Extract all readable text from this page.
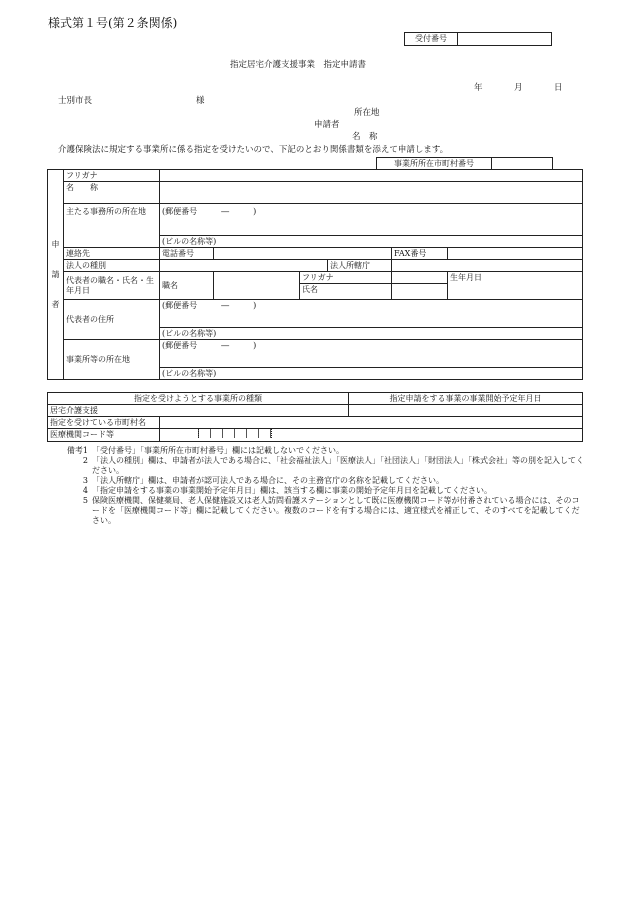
様式第１号(第２条関係)
受付番号	
指定居宅介護支援事業　指定申請書
年	月	日
士別市長	様
所在地
申請者
名　称
介護保険法に規定する事業所に係る指定を受けたいので、下記のとおり関係書類を添えて申請します。
事業所所在市町村番号	
申
請
者	フリガナ						
	名　　称						
	主たる事務所の所在地	(郵便番号　　　―　　　)					
		(ビルの名称等)					
	連絡先	電話番号				FAX番号	
	法人の種別				法人所轄庁		
	代表者の職名・氏名・生年月日	職名		フリガナ			生年月日
				氏名			
	代表者の住所	(郵便番号　　　―　　　)					
		(ビルの名称等)					
	事業所等の所在地	(郵便番号　　　―　　　)					
		(ビルの名称等)					
指定を受けようとする事業所の種類		指定申請をする事業の事業開始予定年月日
居宅介護支援		
指定を受けている市町村名		
医療機関コード等		
備考1 「受付番号」「事業所所在市町村番号」欄には記載しないでください。
2 「法人の種別」欄は、申請者が法人である場合に、「社会福祉法人」「医療法人」「社団法人」「財団法人」「株式会社」等の別を記入してください。
3 「法人所轄庁」欄は、申請者が認可法人である場合に、その主務官庁の名称を記載してください。
4 「指定申請をする事業の事業開始予定年月日」欄は、該当する欄に事業の開始予定年月日を記載してください。
5 保険医療機関、保健薬局、老人保健施設又は老人訪問看護ステーションとして既に医療機関コード等が付番されている場合には、そのコードを「医療機関コード等」欄に記載してください。複数のコードを有する場合には、適宜様式を補正して、そのすべてを記載してください。
